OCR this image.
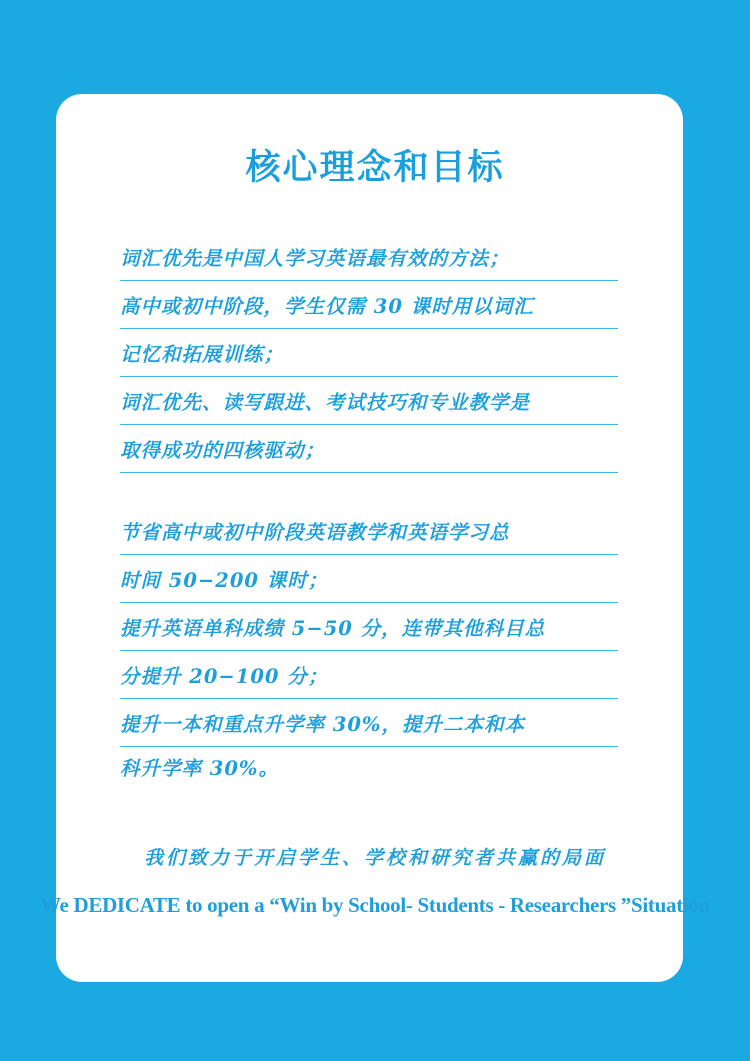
核心理念和目标
词汇优先是中国人学习英语最有效的方法；
高中或初中阶段，学生仅需 30 课时用以词汇
记忆和拓展训练；
词汇优先、读写跟进、考试技巧和专业教学是
取得成功的四核驱动；
节省高中或初中阶段英语教学和英语学习总
时间 50−200 课时；
提升英语单科成绩 5−50 分，连带其他科目总
分提升 20−100 分；
提升一本和重点升学率 30%，提升二本和本
科升学率 30%。
我们致力于开启学生、学校和研究者共赢的局面
We DEDICATE to open a “Win by School- Students - Researchers ”Situation
